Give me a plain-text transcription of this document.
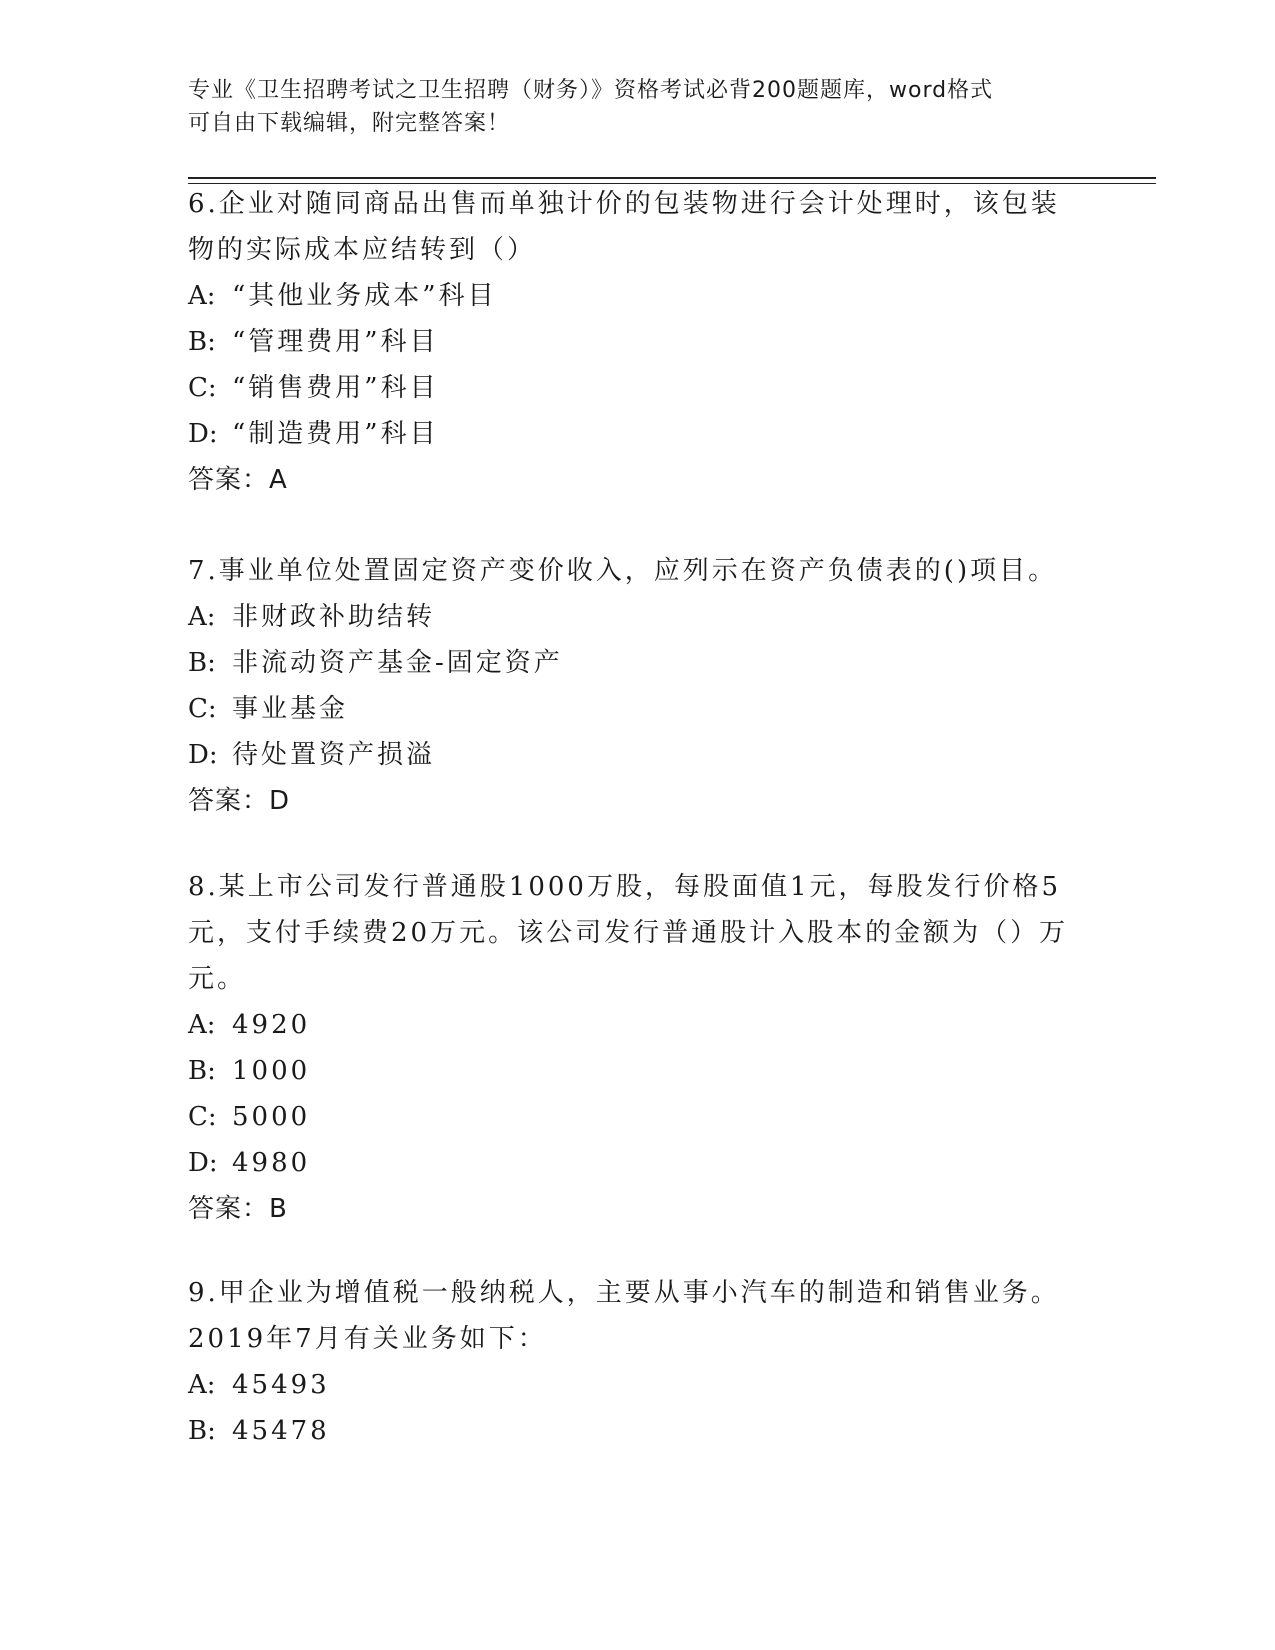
专业《卫生招聘考试之卫生招聘（财务）》资格考试必背200题题库，word格式
可自由下载编辑，附完整答案！

6.企业对随同商品出售而单独计价的包装物进行会计处理时，该包装物的实际成本应结转到（）

A: “其他业务成本”科目

B: “管理费用”科目

C: “销售费用”科目

D: “制造费用”科目

答案：A

7.事业单位处置固定资产变价收入，应列示在资产负债表的()项目。

A: 非财政补助结转

B: 非流动资产基金-固定资产

C: 事业基金

D: 待处置资产损溢

答案：D

8.某上市公司发行普通股1000万股，每股面值1元，每股发行价格5元，支付手续费20万元。该公司发行普通股计入股本的金额为（）万元。

A: 4920

B: 1000

C: 5000

D: 4980

答案：B

9.甲企业为增值税一般纳税人，主要从事小汽车的制造和销售业务。2019年7月有关业务如下：

A: 45493

B: 45478
